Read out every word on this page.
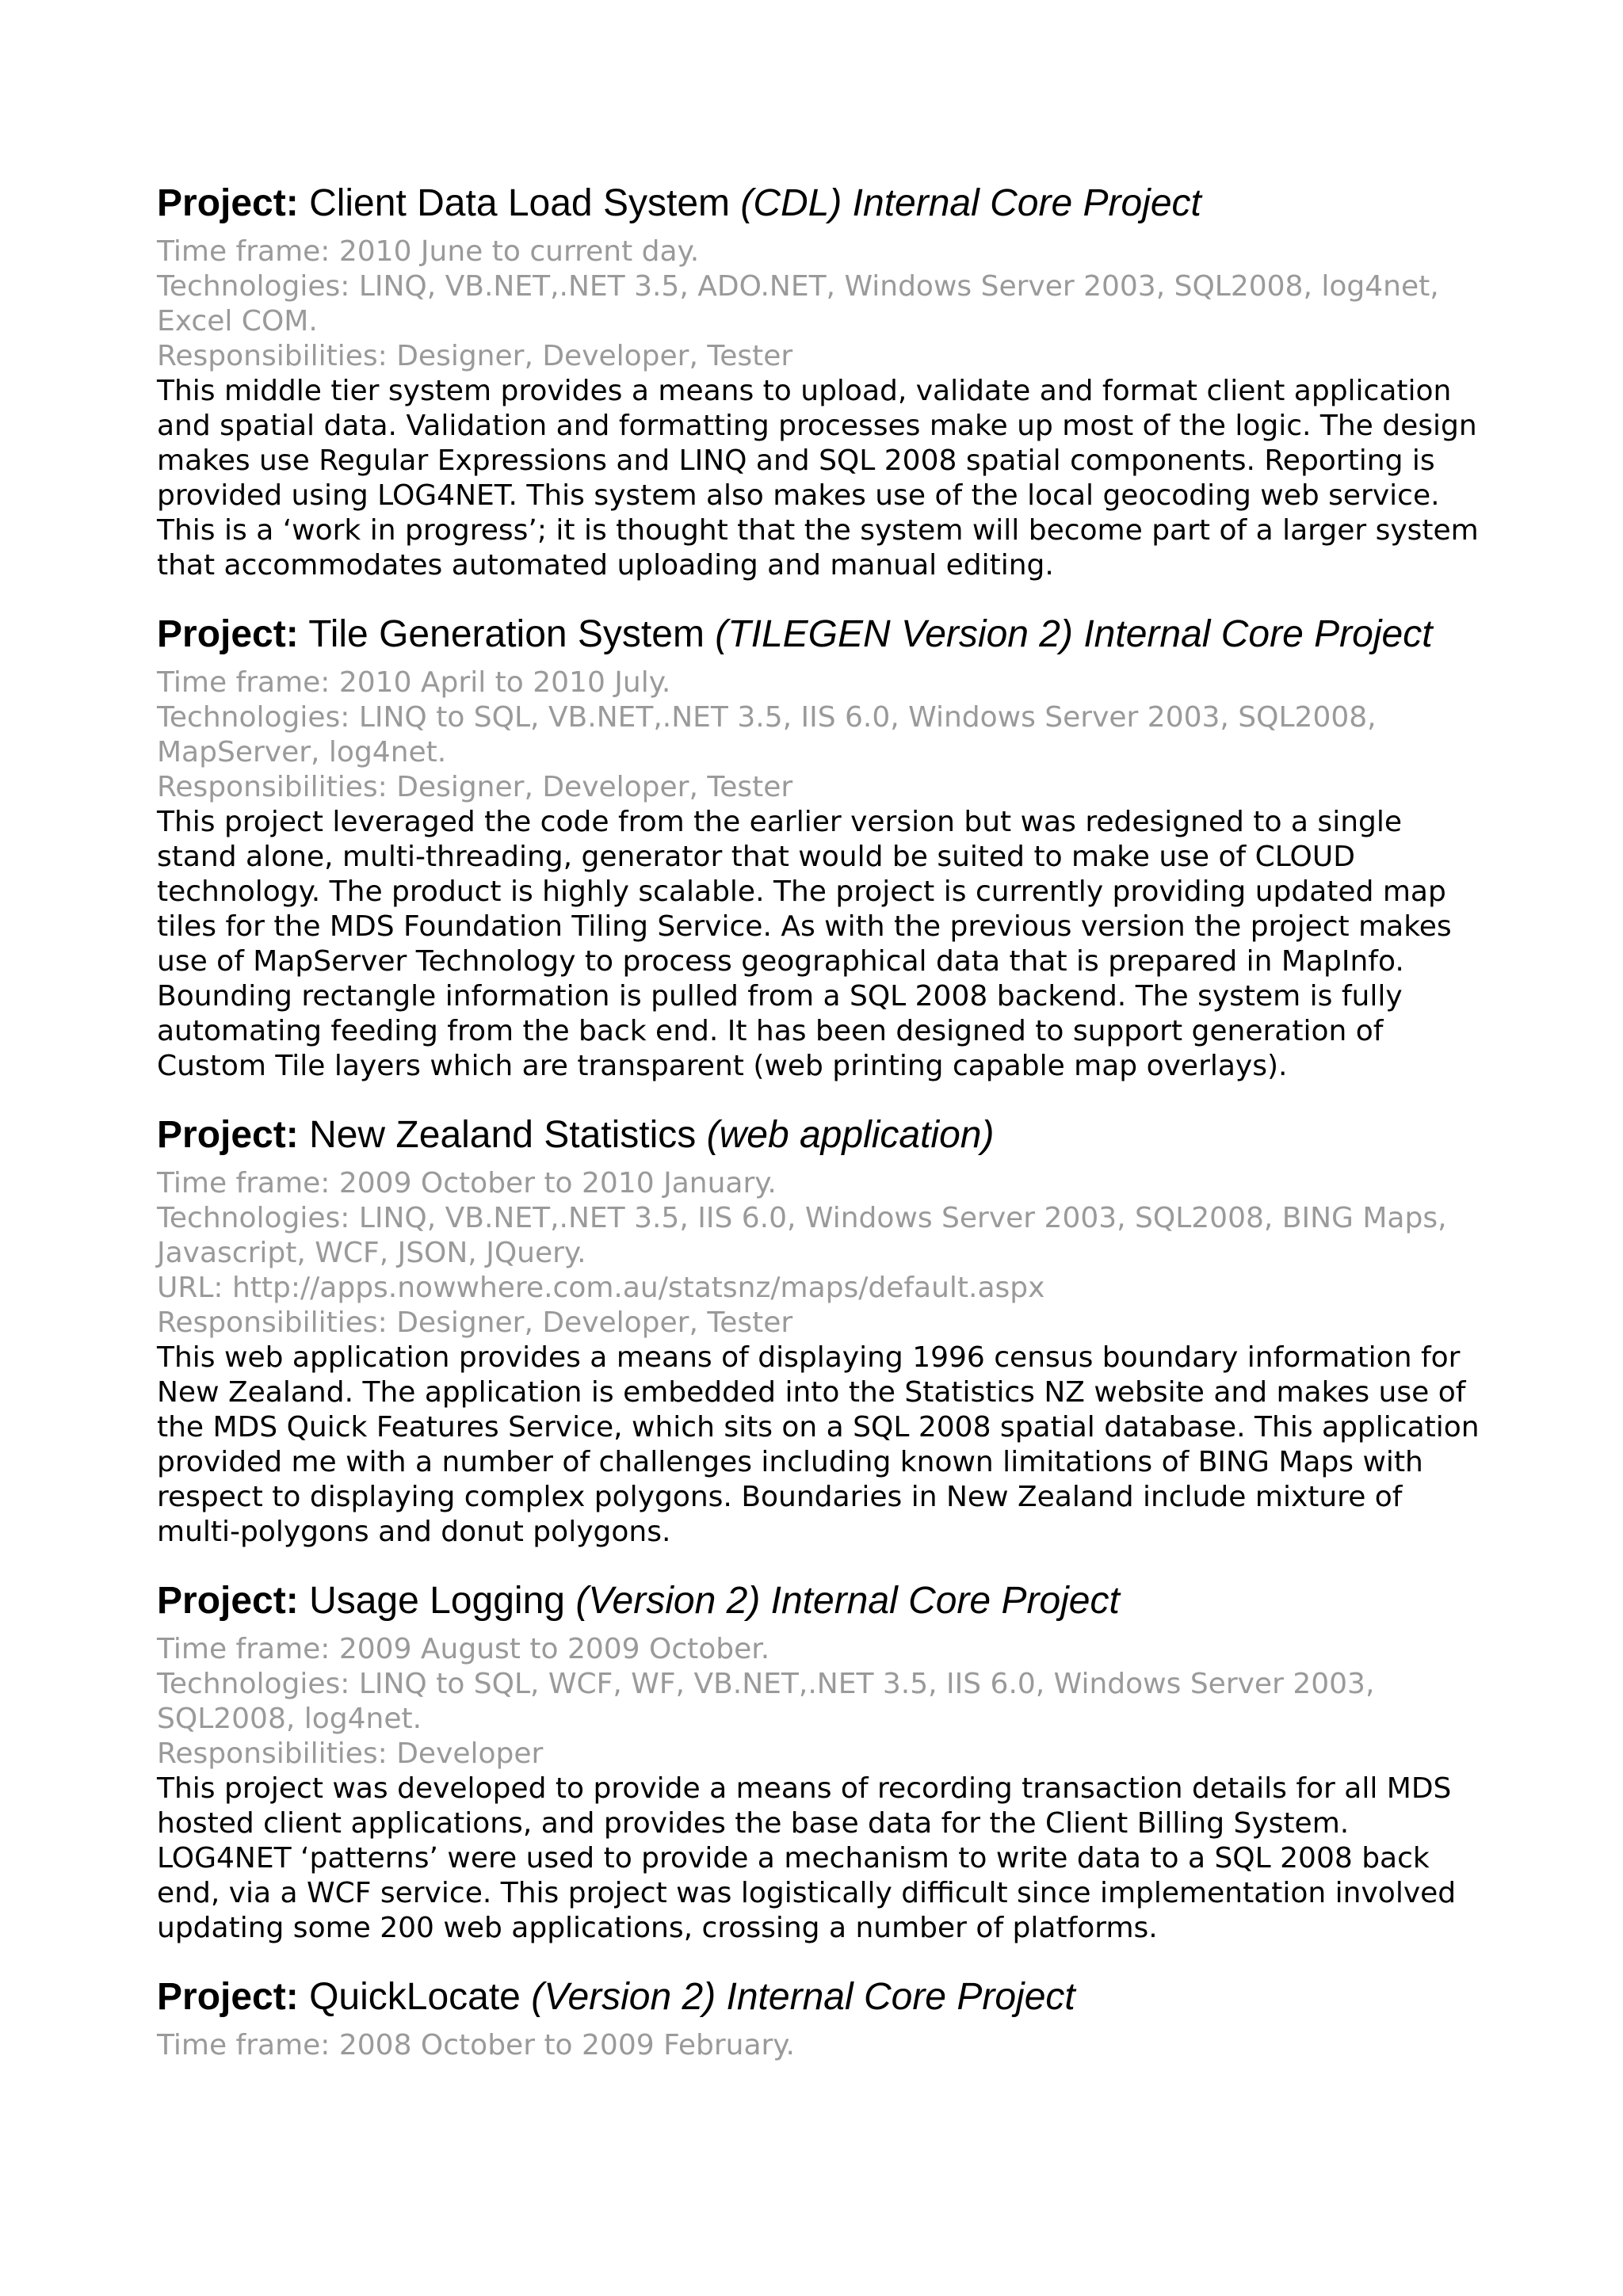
Project: Client Data Load System (CDL) Internal Core Project

Time frame: 2010 June to current day.

Technologies: LINQ, VB.NET,.NET 3.5, ADO.NET, Windows Server 2003, SQL2008, log4net, Excel COM.

Responsibilities: Designer, Developer, Tester

This middle tier system provides a means to upload, validate and format client application and spatial data. Validation and formatting processes make up most of the logic. The design makes use Regular Expressions and LINQ and SQL 2008 spatial components. Reporting is provided using LOG4NET. This system also makes use of the local geocoding web service. This is a ‘work in progress’; it is thought that the system will become part of a larger system that accommodates automated uploading and manual editing.

Project: Tile Generation System (TILEGEN Version 2) Internal Core Project

Time frame: 2010 April to 2010 July.

Technologies: LINQ to SQL, VB.NET,.NET 3.5, IIS 6.0, Windows Server 2003, SQL2008, MapServer, log4net.

Responsibilities: Designer, Developer, Tester

This project leveraged the code from the earlier version but was redesigned to a single stand alone, multi-threading, generator that would be suited to make use of CLOUD technology. The product is highly scalable. The project is currently providing updated map tiles for the MDS Foundation Tiling Service. As with the previous version the project makes use of MapServer Technology to process geographical data that is prepared in MapInfo. Bounding rectangle information is pulled from a SQL 2008 backend. The system is fully automating feeding from the back end. It has been designed to support generation of Custom Tile layers which are transparent (web printing capable map overlays).

Project: New Zealand Statistics (web application)

Time frame: 2009 October to 2010 January.

Technologies: LINQ, VB.NET,.NET 3.5, IIS 6.0, Windows Server 2003, SQL2008, BING Maps, Javascript, WCF, JSON, JQuery.

URL: http://apps.nowwhere.com.au/statsnz/maps/default.aspx

Responsibilities: Designer, Developer, Tester

This web application provides a means of displaying 1996 census boundary information for New Zealand. The application is embedded into the Statistics NZ website and makes use of the MDS Quick Features Service, which sits on a SQL 2008 spatial database. This application provided me with a number of challenges including known limitations of BING Maps with respect to displaying complex polygons. Boundaries in New Zealand include mixture of multi-polygons and donut polygons.

Project: Usage Logging (Version 2) Internal Core Project

Time frame: 2009 August to 2009 October.

Technologies: LINQ to SQL, WCF, WF, VB.NET,.NET 3.5, IIS 6.0, Windows Server 2003, SQL2008, log4net.

Responsibilities: Developer

This project was developed to provide a means of recording transaction details for all MDS hosted client applications, and provides the base data for the Client Billing System. LOG4NET ‘patterns’ were used to provide a mechanism to write data to a SQL 2008 back end, via a WCF service. This project was logistically difficult since implementation involved updating some 200 web applications, crossing a number of platforms.

Project: QuickLocate (Version 2) Internal Core Project

Time frame: 2008 October to 2009 February.
